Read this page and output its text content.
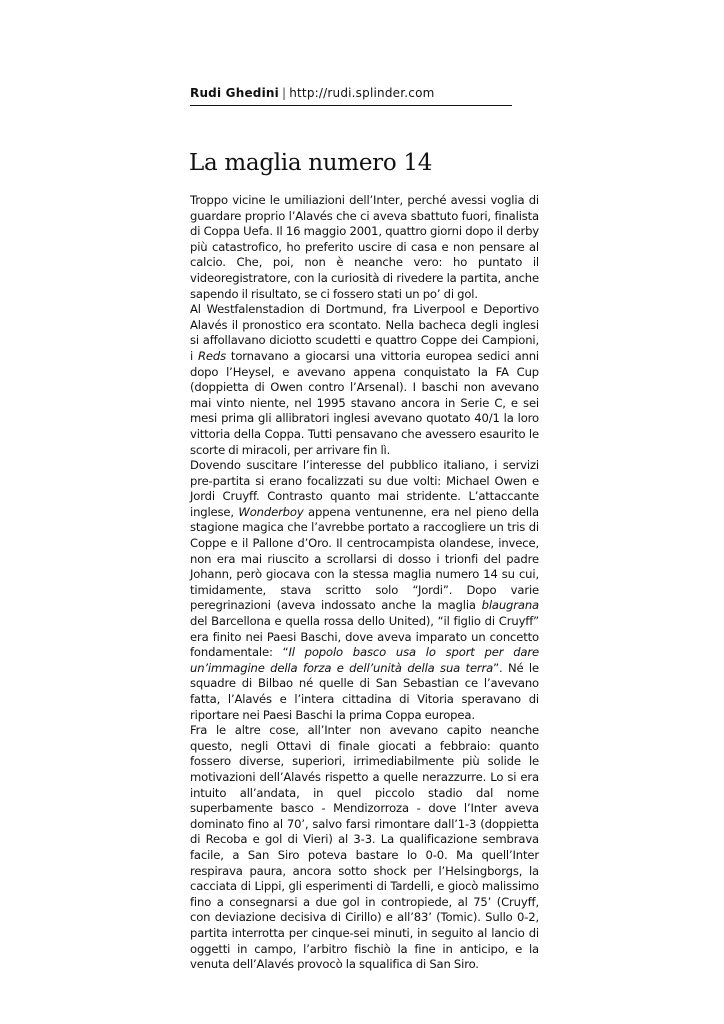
Rudi Ghedini | http://rudi.splinder.com
La maglia numero 14

Troppo vicine le umiliazioni dell’Inter, perché avessi voglia di guardare proprio l’Alavés che ci aveva sbattuto fuori, finalista di Coppa Uefa. Il 16 maggio 2001, quattro giorni dopo il derby più catastrofico, ho preferito uscire di casa e non pensare al calcio. Che, poi, non è neanche vero: ho puntato il videoregistratore, con la curiosità di rivedere la partita, anche sapendo il risultato, se ci fossero stati un po’ di gol.

Al Westfalenstadion di Dortmund, fra Liverpool e Deportivo Alavés il pronostico era scontato. Nella bacheca degli inglesi si affollavano diciotto scudetti e quattro Coppe dei Campioni, i Reds tornavano a giocarsi una vittoria europea sedici anni dopo l’Heysel, e avevano appena conquistato la FA Cup (doppietta di Owen contro l’Arsenal). I baschi non avevano mai vinto niente, nel 1995 stavano ancora in Serie C, e sei mesi prima gli allibratori inglesi avevano quotato 40/1 la loro vittoria della Coppa. Tutti pensavano che avessero esaurito le scorte di miracoli, per arrivare fin lì.

Dovendo suscitare l’interesse del pubblico italiano, i servizi pre-partita si erano focalizzati su due volti: Michael Owen e Jordi Cruyff. Contrasto quanto mai stridente. L’attaccante inglese, Wonderboy appena ventunenne, era nel pieno della stagione magica che l’avrebbe portato a raccogliere un tris di Coppe e il Pallone d’Oro. Il centrocampista olandese, invece, non era mai riuscito a scrollarsi di dosso i trionfi del padre Johann, però giocava con la stessa maglia numero 14 su cui, timidamente, stava scritto solo “Jordi”. Dopo varie peregrinazioni (aveva indossato anche la maglia blaugrana del Barcellona e quella rossa dello United), “il figlio di Cruyff” era finito nei Paesi Baschi, dove aveva imparato un concetto fondamentale: “Il popolo basco usa lo sport per dare un’immagine della forza e dell’unità della sua terra”. Né le squadre di Bilbao né quelle di San Sebastian ce l’avevano fatta, l’Alavés e l’intera cittadina di Vitoria speravano di riportare nei Paesi Baschi la prima Coppa europea.

Fra le altre cose, all’Inter non avevano capito neanche questo, negli Ottavi di finale giocati a febbraio: quanto fossero diverse, superiori, irrimediabilmente più solide le motivazioni dell’Alavés rispetto a quelle nerazzurre. Lo si era intuito all’andata, in quel piccolo stadio dal nome superbamente basco - Mendizorroza - dove l’Inter aveva dominato fino al 70’, salvo farsi rimontare dall’1-3 (doppietta di Recoba e gol di Vieri) al 3-3. La qualificazione sembrava facile, a San Siro poteva bastare lo 0-0. Ma quell’Inter respirava paura, ancora sotto shock per l’Helsingborgs, la cacciata di Lippi, gli esperimenti di Tardelli, e giocò malissimo fino a consegnarsi a due gol in contropiede, al 75’ (Cruyff, con deviazione decisiva di Cirillo) e all’83’ (Tomic). Sullo 0-2, partita interrotta per cinque-sei minuti, in seguito al lancio di oggetti in campo, l’arbitro fischiò la fine in anticipo, e la venuta dell’Alavés provocò la squalifica di San Siro.
